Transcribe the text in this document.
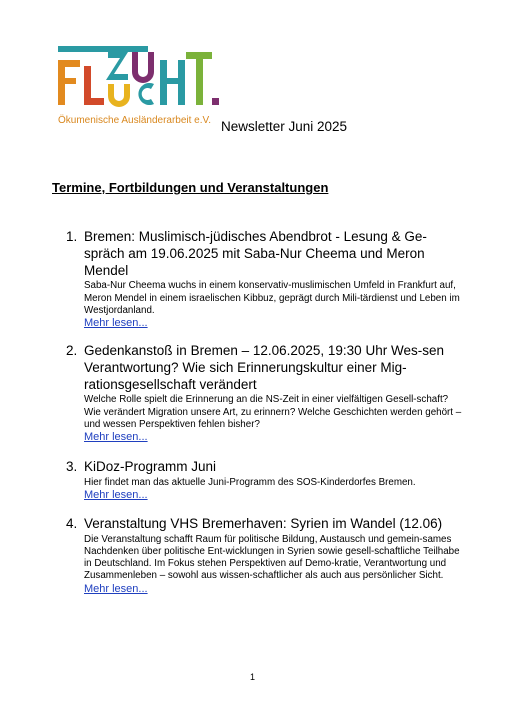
Ökumenische Ausländerarbeit e.V. Newsletter Juni 2025
Termine, Fortbildungen und Veranstaltungen
1. Bremen: Muslimisch-jüdisches Abendbrot - Lesung & Ge-spräch am 19.06.2025 mit Saba-Nur Cheema und Meron Mendel
Saba-Nur Cheema wuchs in einem konservativ-muslimischen Umfeld in Frankfurt auf, Meron Mendel in einem israelischen Kibbuz, geprägt durch Mili-tärdienst und Leben im Westjordanland.
Mehr lesen...
2. Gedenkanstoß in Bremen – 12.06.2025, 19:30 Uhr Wes-sen Verantwortung? Wie sich Erinnerungskultur einer Mig-rationsgesellschaft verändert
Welche Rolle spielt die Erinnerung an die NS-Zeit in einer vielfältigen Gesell-schaft? Wie verändert Migration unsere Art, zu erinnern? Welche Geschichten werden gehört – und wessen Perspektiven fehlen bisher?
Mehr lesen...
3. KiDoz-Programm Juni
Hier findet man das aktuelle Juni-Programm des SOS-Kinderdorfes Bremen.
Mehr lesen...
4. Veranstaltung VHS Bremerhaven: Syrien im Wandel (12.06)
Die Veranstaltung schafft Raum für politische Bildung, Austausch und gemein-sames Nachdenken über politische Ent-wicklungen in Syrien sowie gesell-schaftliche Teilhabe in Deutschland. Im Fokus stehen Perspektiven auf Demo-kratie, Verantwortung und Zusammenleben – sowohl aus wissen-schaftlicher als auch aus persönlicher Sicht.
Mehr lesen...
1
